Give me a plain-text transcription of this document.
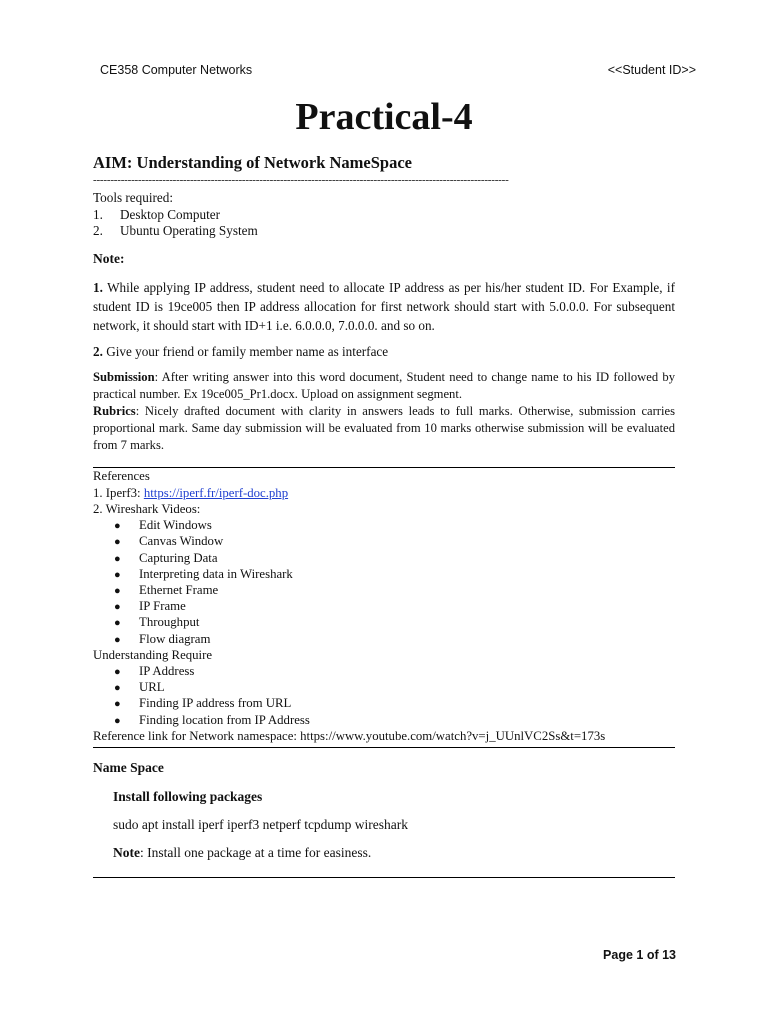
CE358 Computer Networks	<<Student ID>>
Practical-4
AIM: Understanding of Network NameSpace
------------------------------------------------------------------------------------------------------------------------
Tools required:
1. Desktop Computer
2. Ubuntu Operating System
Note:
1. While applying IP address, student need to allocate IP address as per his/her student ID. For Example, if student ID is 19ce005 then IP address allocation for first network should start with 5.0.0.0. For subsequent network, it should start with ID+1 i.e. 6.0.0.0, 7.0.0.0. and so on.
2. Give your friend or family member name as interface
Submission: After writing answer into this word document, Student need to change name to his ID followed by practical number. Ex 19ce005_Pr1.docx. Upload on assignment segment.
Rubrics: Nicely drafted document with clarity in answers leads to full marks. Otherwise, submission carries proportional mark. Same day submission will be evaluated from 10 marks otherwise submission will be evaluated from 7 marks.
References
1. Iperf3: https://iperf.fr/iperf-doc.php
2. Wireshark Videos:
● Edit Windows
● Canvas Window
● Capturing Data
● Interpreting data in Wireshark
● Ethernet Frame
● IP Frame
● Throughput
● Flow diagram
Understanding Require
● IP Address
● URL
● Finding IP address from URL
● Finding location from IP Address
Reference link for Network namespace: https://www.youtube.com/watch?v=j_UUnlVC2Ss&t=173s
Name Space
Install following packages
sudo apt install iperf iperf3 netperf tcpdump wireshark
Note: Install one package at a time for easiness.
Page 1 of 13
